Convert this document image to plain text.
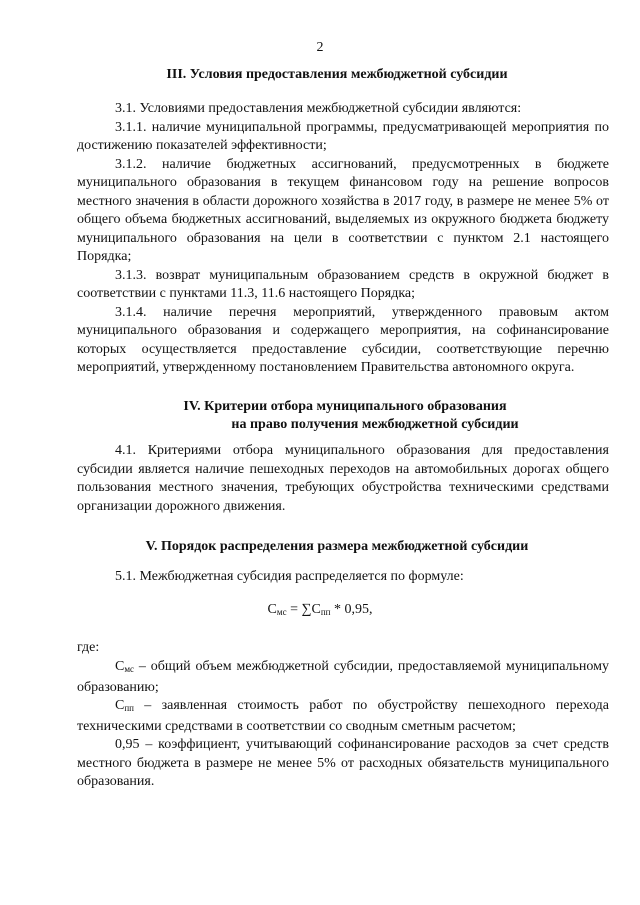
2
III. Условия предоставления межбюджетной субсидии

3.1. Условиями предоставления межбюджетной субсидии являются:

3.1.1. наличие муниципальной программы, предусматривающей мероприятия по достижению показателей эффективности;

3.1.2. наличие бюджетных ассигнований, предусмотренных в бюджете муниципального образования в текущем финансовом году на решение вопросов местного значения в области дорожного хозяйства в 2017 году, в размере не менее 5% от общего объема бюджетных ассигнований, выделяемых из окружного бюджета бюджету муниципального образования на цели в соответствии с пунктом 2.1 настоящего Порядка;

3.1.3. возврат муниципальным образованием средств в окружной бюджет в соответствии с пунктами 11.3, 11.6 настоящего Порядка;

3.1.4. наличие перечня мероприятий, утвержденного правовым актом муниципального образования и содержащего мероприятия, на софинансирование которых осуществляется предоставление субсидии, соответствующие перечню мероприятий, утвержденному постановлением Правительства автономного округа.

IV. Критерии отбора муниципального образования
на право получения межбюджетной субсидии

4.1. Критериями отбора муниципального образования для предоставления субсидии является наличие пешеходных переходов на автомобильных дорогах общего пользования местного значения, требующих обустройства техническими средствами организации дорожного движения.

V. Порядок распределения размера межбюджетной субсидии

5.1. Межбюджетная субсидия распределяется по формуле:

$С_{мс} = \sum С_{пп} * 0,95$,
где:

$С_{мс}$ – общий объем межбюджетной субсидии, предоставляемой муниципальному образованию;

$С_{пп}$ – заявленная стоимость работ по обустройству пешеходного перехода техническими средствами в соответствии со сводным сметным расчетом;

0,95 – коэффициент, учитывающий софинансирование расходов за счет средств местного бюджета в размере не менее 5% от расходных обязательств муниципального образования.
